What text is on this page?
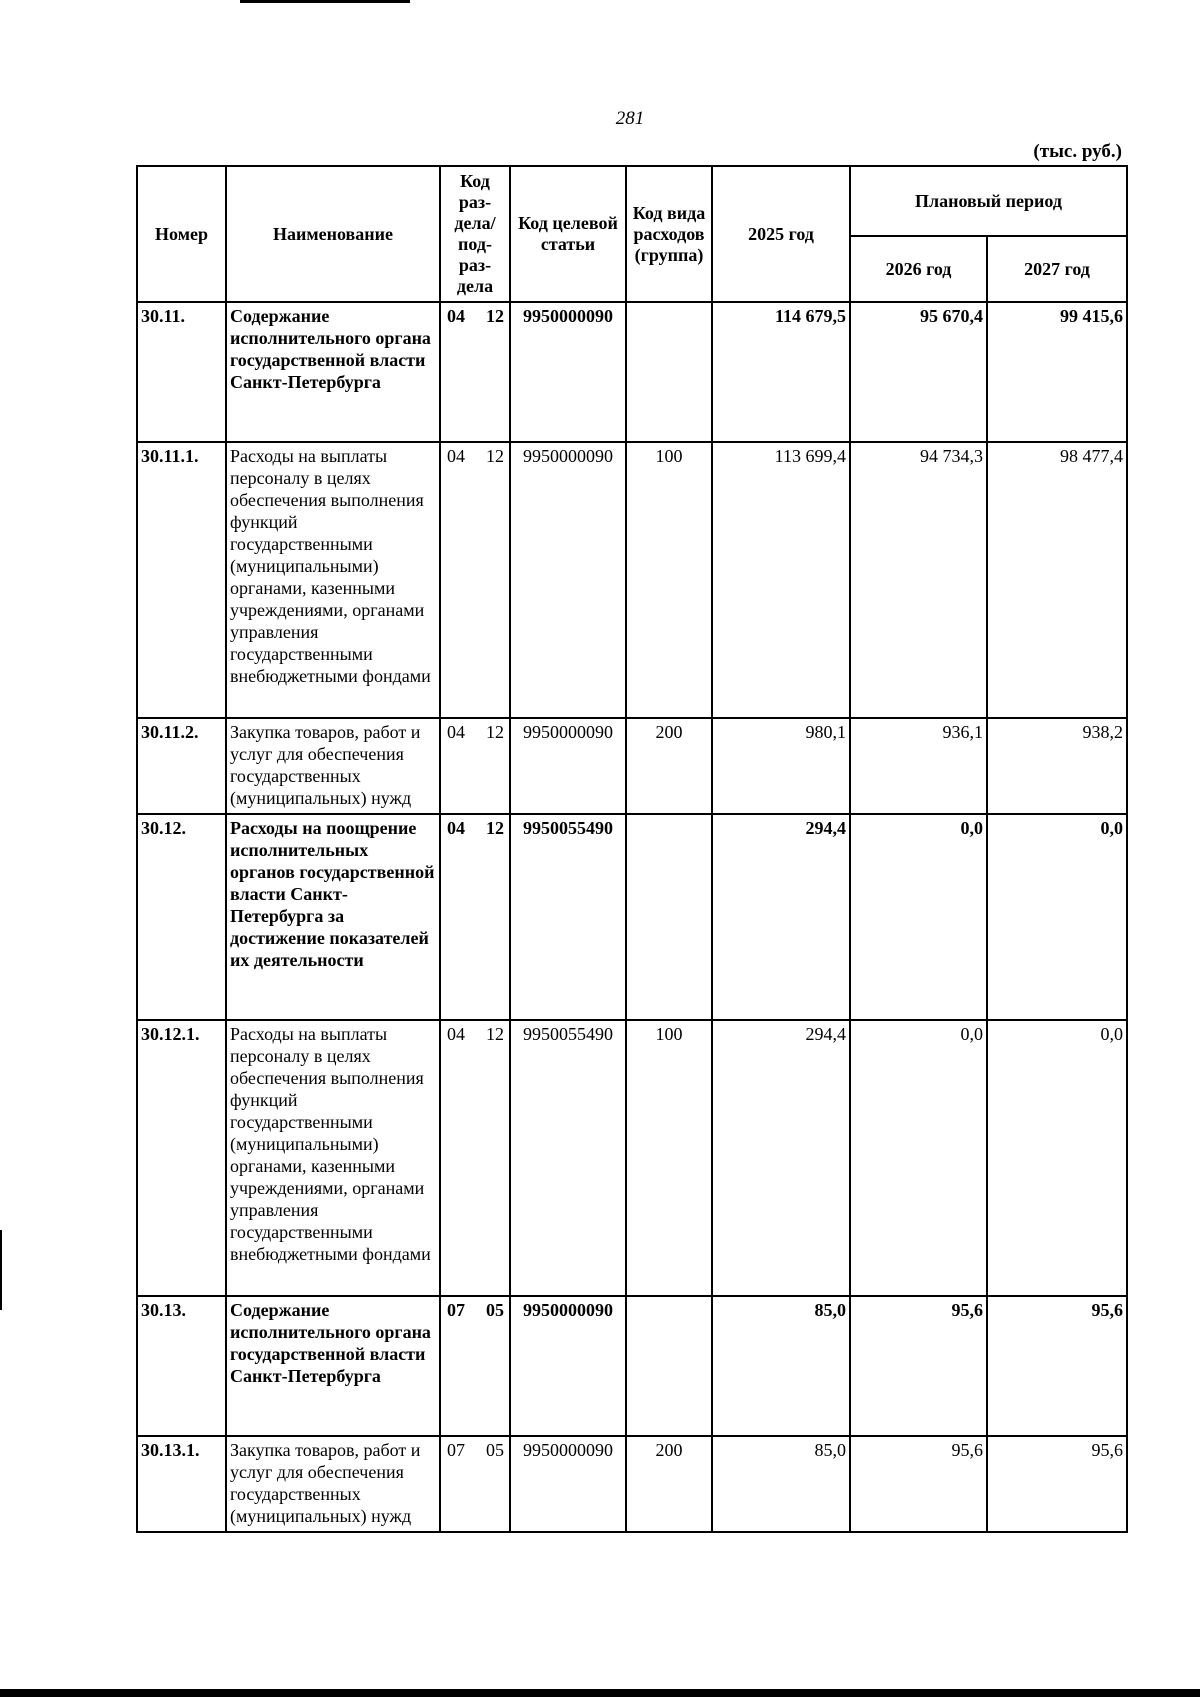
281
(тыс. руб.)
Номер	Наименование	Код раз- дела/ под- раз- дела	Код целевой статьи	Код вида расходов (группа)	2025 год	Плановый период	
						2026 год	2027 год
30.11.	Содержание исполнительного органа государственной власти Санкт-Петербурга	04 12	9950000090		114 679,5	95 670,4	99 415,6
30.11.1.	Расходы на выплаты персоналу в целях обеспечения выполнения функций государственными (муниципальными) органами, казенными учреждениями, органами управления государственными внебюджетными фондами	04 12	9950000090	100	113 699,4	94 734,3	98 477,4
30.11.2.	Закупка товаров, работ и услуг для обеспечения государственных (муниципальных) нужд	04 12	9950000090	200	980,1	936,1	938,2
30.12.	Расходы на поощрение исполнительных органов государственной власти Санкт-Петербурга за достижение показателей их деятельности	04 12	9950055490		294,4	0,0	0,0
30.12.1.	Расходы на выплаты персоналу в целях обеспечения выполнения функций государственными (муниципальными) органами, казенными учреждениями, органами управления государственными внебюджетными фондами	04 12	9950055490	100	294,4	0,0	0,0
30.13.	Содержание исполнительного органа государственной власти Санкт-Петербурга	07 05	9950000090		85,0	95,6	95,6
30.13.1.	Закупка товаров, работ и услуг для обеспечения государственных (муниципальных) нужд	07 05	9950000090	200	85,0	95,6	95,6
